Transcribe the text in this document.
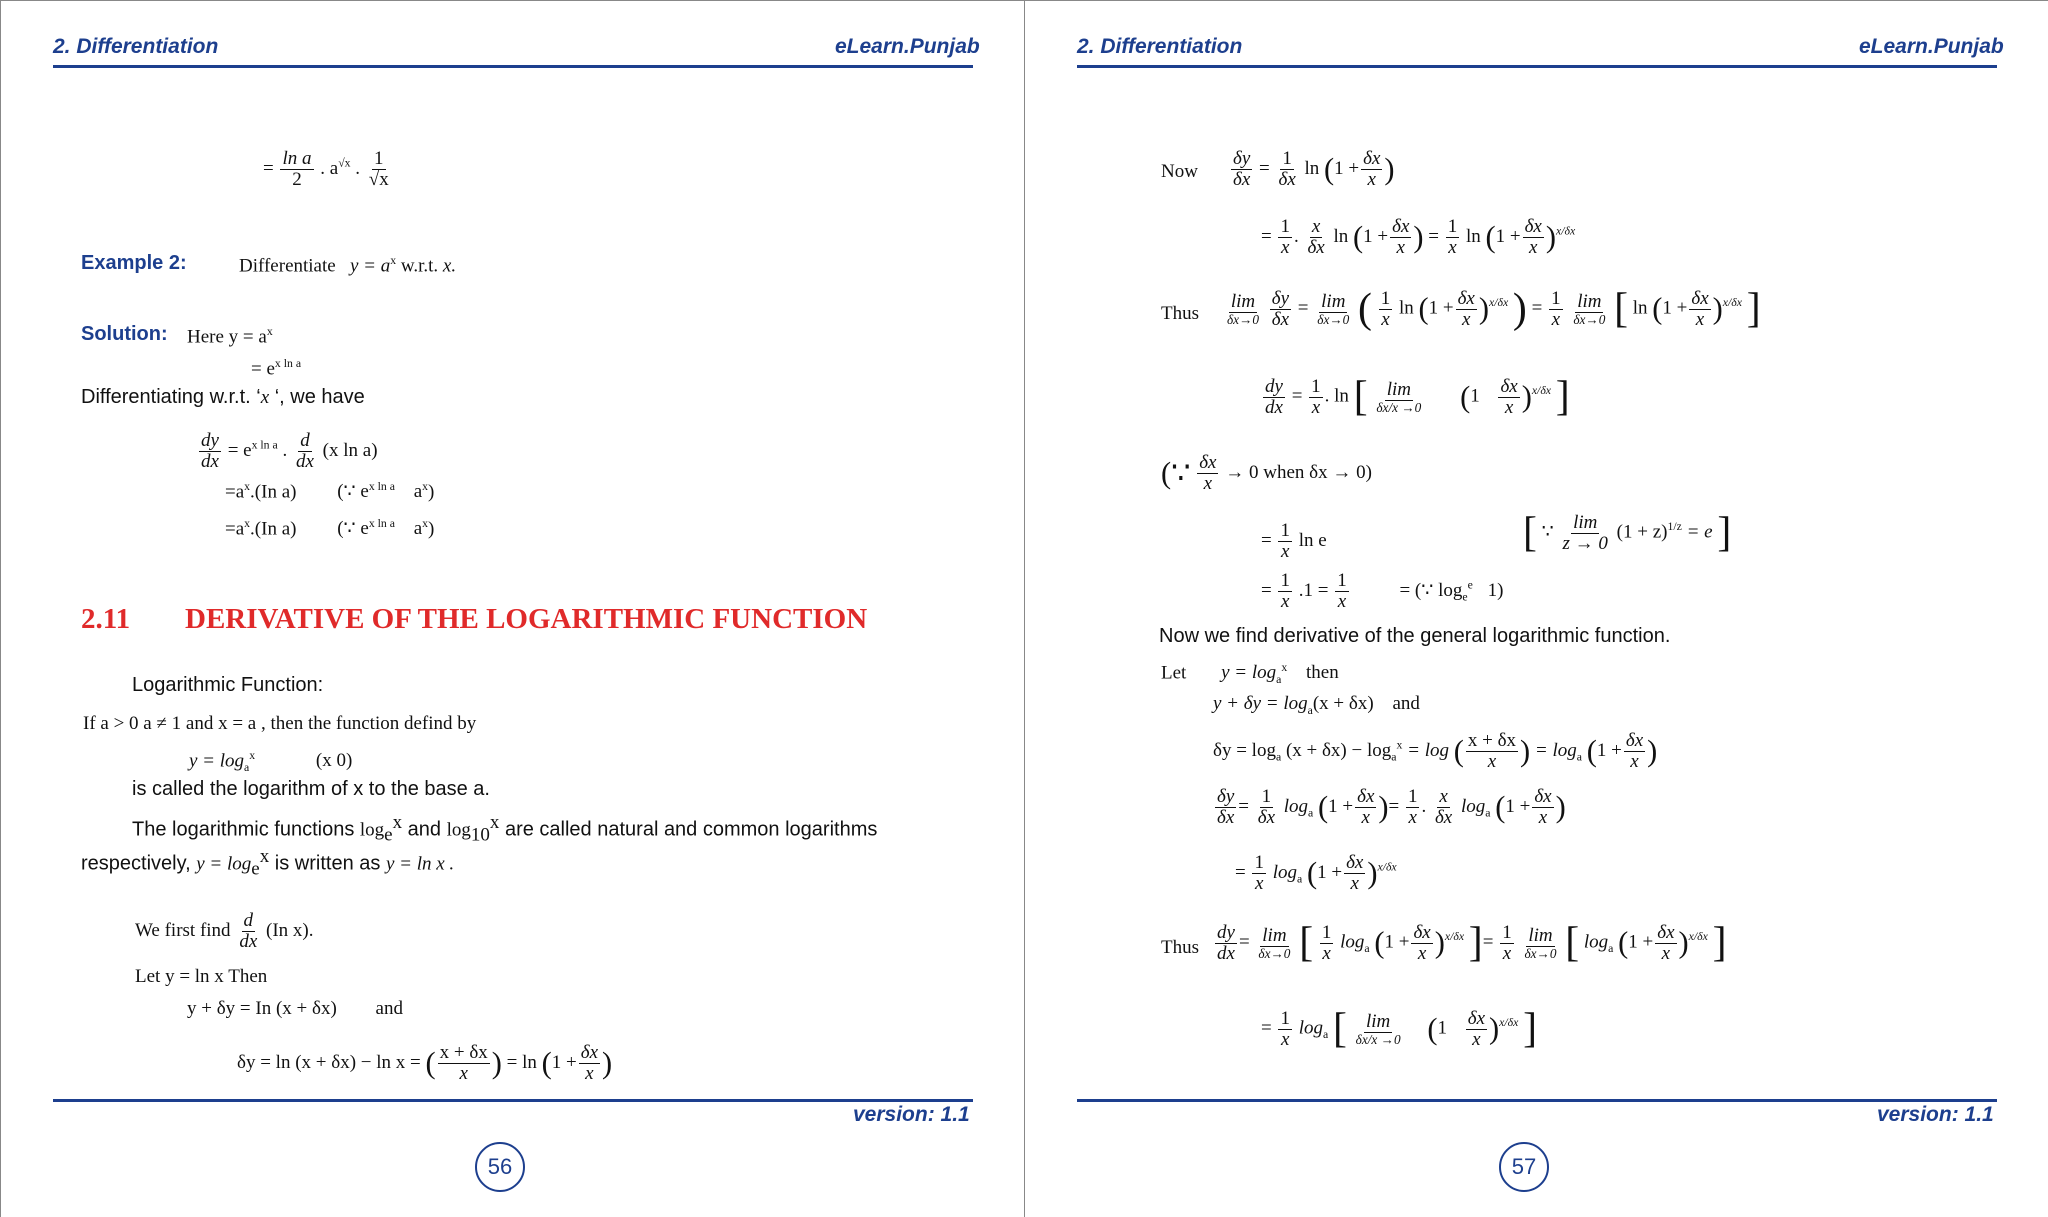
2. Differentiation	eLearn.Punjab
= $\frac{\text{ln a}}{2}$ . $a^{√x}$ . $\frac{1}{√x}$
Example 2:	Differentiate $y = a^x$ w.r.t. x.
Solution: Here $y = a^x$
= $e^{x ln a}$
Differentiating w.r.t. ‘x ‘, we have
$\frac{dy}{dx} = e^{x ln a}$ . $\frac{d}{dx} (x$ ln a)
$=a^x.(In$ a) (∵ $e^{x ln a}$ $a^x$)
$=a^x.(In$ a) (∵ $e^{x ln a}$ $a^x$)
2.11 DERIVATIVE OF THE LOGARITHMIC FUNCTION
Logarithmic Function:
If a > 0 a ≠ 1 and x = a , then the function defind by
$y = \log_a^x$	(x 0)
is called the logarithm of x to the base a.
The logarithmic functions $\log_e^x$ and $\log_{10}^x$ are called natural and common logarithms
respectively, $y = \log_e^x$ is written as y = ln x .
We first find $\frac{d}{dx} (In$ x).
Let y = ln x Then
y + δy = In (x + δx) and
δy = ln (x + δx) − ln x = ( $\frac{x + \delta x}{x}$ ) = $\ln (1 + \frac{\delta x}{x}$ )
version: 1.1
56
2. Differentiation	eLearn.Punjab
Now $\frac{\delta y}{\delta x} = \frac{1}{\delta x}$ $\ln (1 + \frac{\delta x}{x}$ )
= $\frac{1}{x}$ . $\frac{x}{\delta x}$ $\ln (1 + \frac{\delta x}{x}$ ) = $\frac{1}{x}$ $\ln (1 + \frac{\delta x}{x} )^{x/\delta x}$
Thus $\frac{\lim}{\delta x\to 0}$
$\frac{\delta y}{\delta x} = \frac{\lim}{\delta x\to 0}$ ( $\frac{1}{x}$ $\ln (1 + \frac{\delta x}{x} )^{x/\delta x}$ ) = $\frac{1}{x}$
$\frac{\lim}{\delta x\to 0}$ [ $\ln (1 + \frac{\delta x}{x} )^{x/\delta x}$ ]
$\frac{dy}{dx} = \frac{1}{x}$ . ln [ $\frac{\lim}{\delta x/x \to 0} (1 \frac{\delta x}{x} )^{x/\delta x}$ ]
(∵ $\frac{\delta x}{x} \to 0$ when δx → 0)
= $\frac{1}{x}$ ln e	[ ∵ $\frac{\lim}{z \to 0} (1 + z)^{1/z} = e$ ]
= $\frac{1}{x} .1 = \frac{1}{x}$	= (∵ $\log_e^e 1$)
Now we find derivative of the general logarithmic function.
Let $y = \log_a^x$ then
$y + \delta y = \log_a(x + \delta x)$ and
$\delta y = \log_a (x + \delta x) - \log_a^x = \log$ ( $\frac{x + \delta x}{x}$ ) = $\log_a (1 + \frac{\delta x}{x}$ )
$\frac{\delta y}{\delta x} = \frac{1}{\delta x} \log_a (1 + \frac{\delta x}{x}$ )= $\frac{1}{x}$ . $\frac{x}{\delta x} \log_a (1 + \frac{\delta x}{x}$ )
= $\frac{1}{x} \log_a (1 + \frac{\delta x}{x} )^{x/\delta x}$
Thus $\frac{dy}{dx} = \frac{\lim}{\delta x\to 0}$ [ $\frac{1}{x} \log_a (1 + \frac{\delta x}{x} )^{x/\delta x}$ ]= $\frac{1}{x}$
$\frac{\lim}{\delta x\to 0}$ [ $\log_a (1 + \frac{\delta x}{x} )^{x/\delta x}$ ]
= $\frac{1}{x} \log_a$ [ $\frac{\lim}{\delta x/x \to 0} (1 \frac{\delta x}{x} )^{x/\delta x}$ ]
version: 1.1
57
